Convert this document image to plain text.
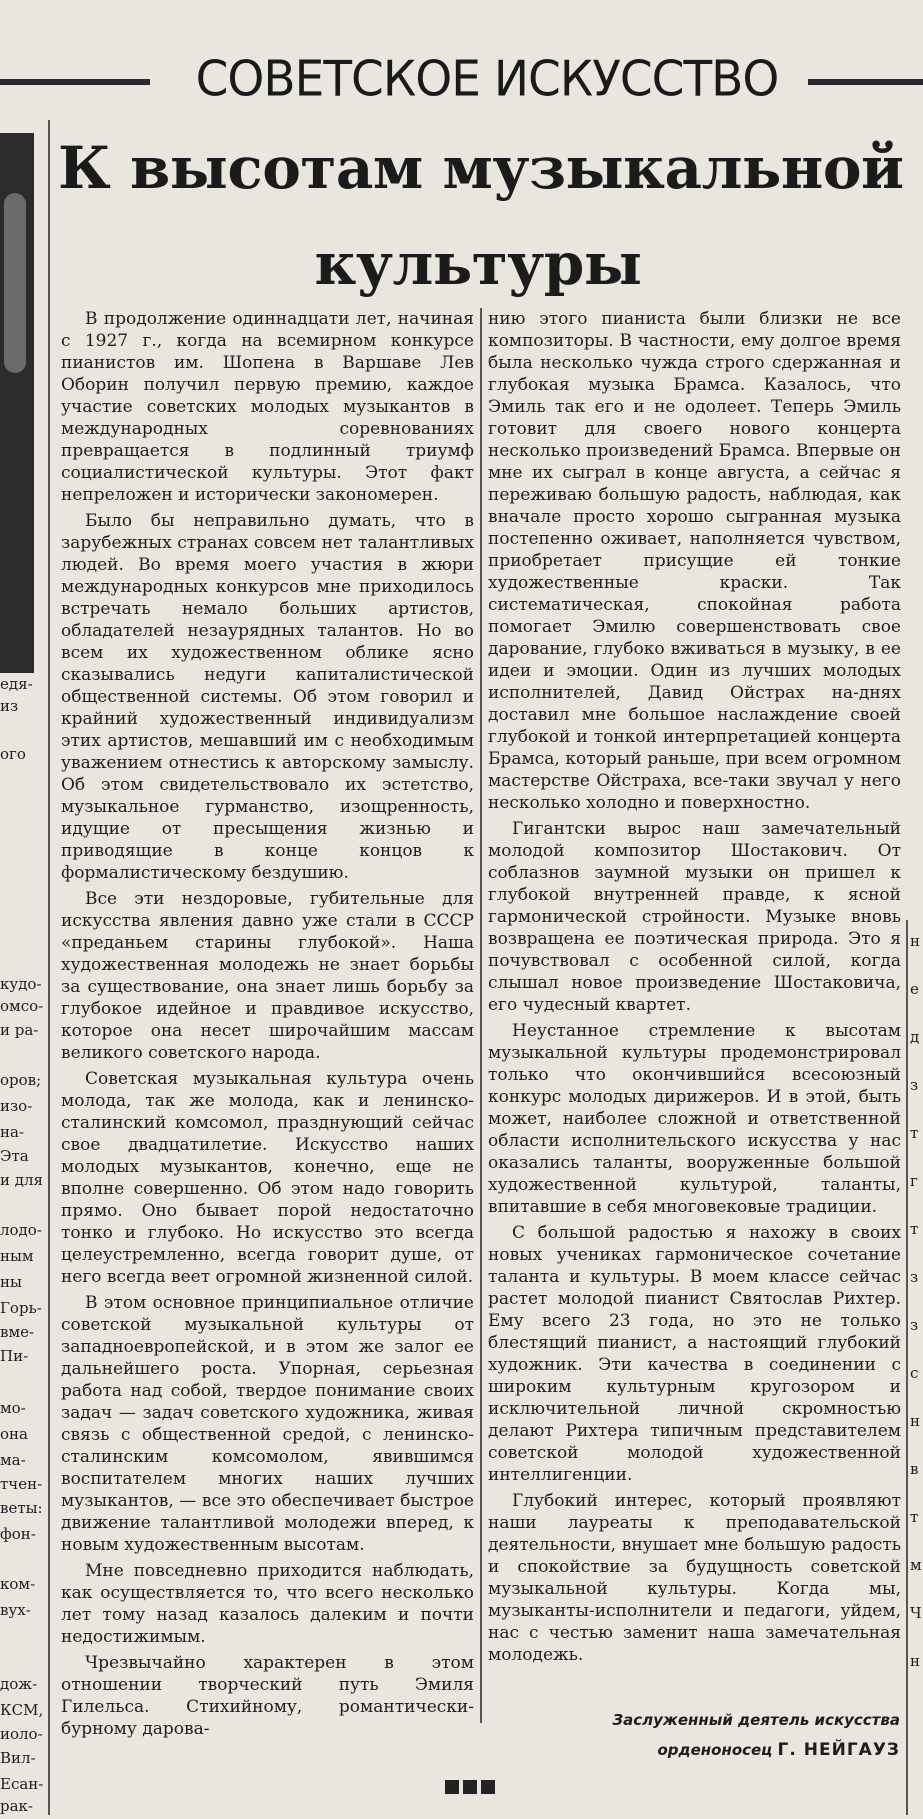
СОВЕТСКОЕ ИСКУССТВО
едя-
из
ого
кудо-
омсо-
и ра-
оров;
изо-
на-
Эта
и для
лодо-
ным
ны
Горь-
вме-
Пи-
мо-
она
ма-
тчен-
веты:
фон-
ком-
вух-
дож-
КСМ,
иоло-
Вил-
Есан-
рак-
н
е
д
з
т
г
т
з
з
с
н
в
т
м
Ч
н
К высотам музыкальной
культуры

В продолжение одиннадцати лет, начиная с 1927 г., когда на всемирном конкурсе пианистов им. Шопена в Варшаве Лев Оборин получил первую премию, каждое участие советских молодых музыкантов в международных соревнованиях превращается в подлинный триумф социалистической культуры. Этот факт непреложен и исторически закономерен.

Было бы неправильно думать, что в зарубежных странах совсем нет талантливых людей. Во время моего участия в жюри международных конкурсов мне приходилось встречать немало больших артистов, обладателей незаурядных талантов. Но во всем их художественном облике ясно сказывались недуги капиталистической общественной системы. Об этом говорил и крайний художественный индивидуализм этих артистов, мешавший им с необходимым уважением отнестись к авторскому замыслу. Об этом свидетельствовало их эстетство, музыкальное гурманство, изощренность, идущие от пресыщения жизнью и приводящие в конце концов к формалистическому бездушию.

Все эти нездоровые, губительные для искусства явления давно уже стали в СССР «преданьем старины глубокой». Наша художественная молодежь не знает борьбы за существование, она знает лишь борьбу за глубокое идейное и правдивое искусство, которое она несет широчайшим массам великого советского народа.

Советская музыкальная культура очень молода, так же молода, как и ленинско-сталинский комсомол, празднующий сейчас свое двадцатилетие. Искусство наших молодых музыкантов, конечно, еще не вполне совершенно. Об этом надо говорить прямо. Оно бывает порой недостаточно тонко и глубоко. Но искусство это всегда целеустремленно, всегда говорит душе, от него всегда веет огромной жизненной силой.

В этом основное принципиальное отличие советской музыкальной культуры от западноевропейской, и в этом же залог ее дальнейшего роста. Упорная, серьезная работа над собой, твердое понимание своих задач — задач советского художника, живая связь с общественной средой, с ленинско-сталинским комсомолом, явившимся воспитателем многих наших лучших музыкантов, — все это обеспечивает быстрое движение талантливой молодежи вперед, к новым художественным высотам.

Мне повседневно приходится наблюдать, как осуществляется то, что всего несколько лет тому назад казалось далеким и почти недостижимым.

Чрезвычайно характерен в этом отношении творческий путь Эмиля Гилельса. Стихийному, романтически-бурному дарова-

нию этого пианиста были близки не все композиторы. В частности, ему долгое время была несколько чужда строго сдержанная и глубокая музыка Брамса. Казалось, что Эмиль так его и не одолеет. Теперь Эмиль готовит для своего нового концерта несколько произведений Брамса. Впервые он мне их сыграл в конце августа, а сейчас я переживаю большую радость, наблюдая, как вначале просто хорошо сыгранная музыка постепенно оживает, наполняется чувством, приобретает присущие ей тонкие художественные краски. Так систематическая, спокойная работа помогает Эмилю совершенствовать свое дарование, глубоко вживаться в музыку, в ее идеи и эмоции. Один из лучших молодых исполнителей, Давид Ойстрах на-днях доставил мне большое наслаждение своей глубокой и тонкой интерпретацией концерта Брамса, который раньше, при всем огромном мастерстве Ойстраха, все-таки звучал у него несколько холодно и поверхностно.

Гигантски вырос наш замечательный молодой композитор Шостакович. От соблазнов заумной музыки он пришел к глубокой внутренней правде, к ясной гармонической стройности. Музыке вновь возвращена ее поэтическая природа. Это я почувствовал с особенной силой, когда слышал новое произведение Шостаковича, его чудесный квартет.

Неустанное стремление к высотам музыкальной культуры продемонстрировал только что окончившийся всесоюзный конкурс молодых дирижеров. И в этой, быть может, наиболее сложной и ответственной области исполнительского искусства у нас оказались таланты, вооруженные большой художественной культурой, таланты, впитавшие в себя многовековые традиции.

С большой радостью я нахожу в своих новых учениках гармоническое сочетание таланта и культуры. В моем классе сейчас растет молодой пианист Святослав Рихтер. Ему всего 23 года, но это не только блестящий пианист, а настоящий глубокий художник. Эти качества в соединении с широким культурным кругозором и исключительной личной скромностью делают Рихтера типичным представителем советской молодой художественной интеллигенции.

Глубокий интерес, который проявляют наши лауреаты к преподавательской деятельности, внушает мне большую радость и спокойствие за будущность советской музыкальной культуры. Когда мы, музыканты-исполнители и педагоги, уйдем, нас с честью заменит наша замечательная молодежь.

Заслуженный деятель искусства
орденоносец Г. НЕЙГАУЗ
